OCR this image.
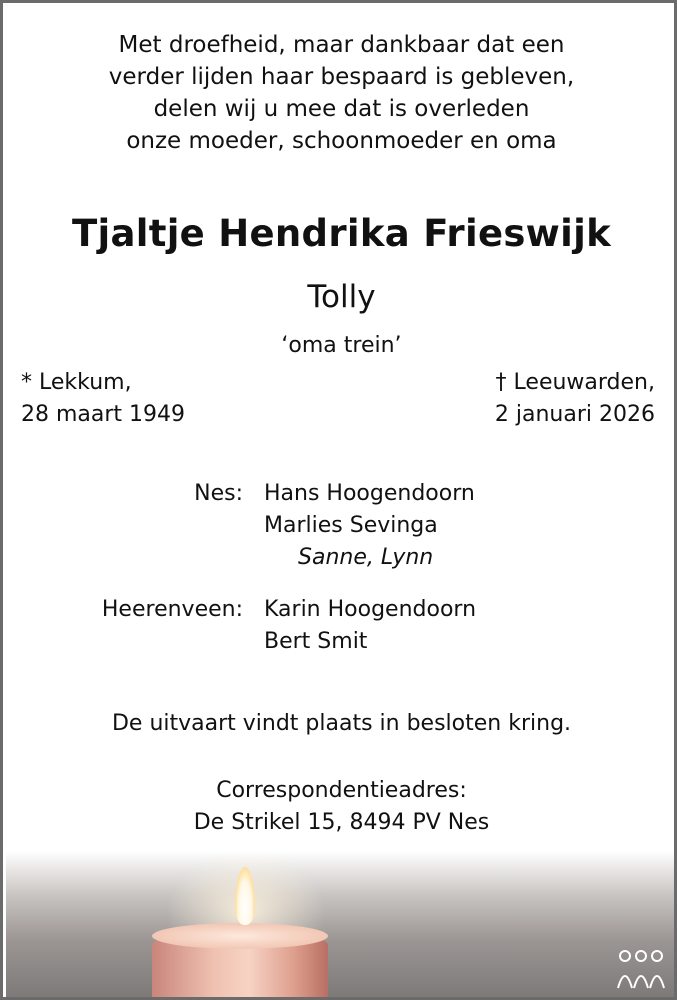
Met droefheid, maar dankbaar dat een
verder lijden haar bespaard is gebleven,
delen wij u mee dat is overleden
onze moeder, schoonmoeder en oma
Tjaltje Hendrika Frieswijk
Tolly
‘oma trein’
* Lekkum,
28 maart 1949
† Leeuwarden,
2 januari 2026
Nes: Hans Hoogendoorn
Marlies Sevinga
Sanne, Lynn
Heerenveen: Karin Hoogendoorn
Bert Smit
De uitvaart vindt plaats in besloten kring.
Correspondentieadres:
De Strikel 15, 8494 PV Nes
